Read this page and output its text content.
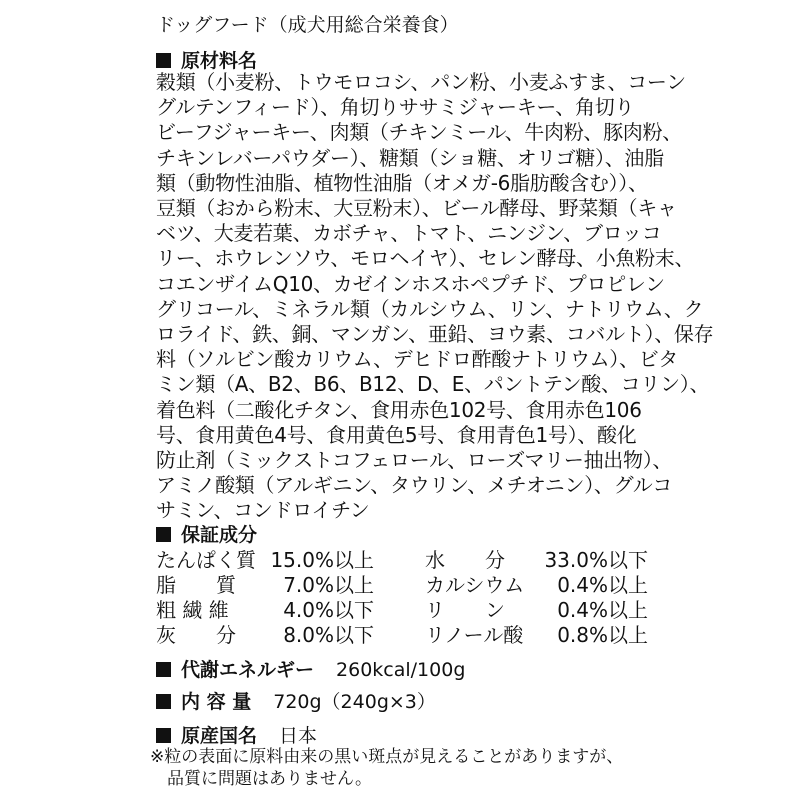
ドッグフード（成犬用総合栄養食）
原材料名
穀類（小麦粉、トウモロコシ、パン粉、小麦ふすま、コーン
グルテンフィード）、角切りササミジャーキー、角切り
ビーフジャーキー、肉類（チキンミール、牛肉粉、豚肉粉、
チキンレバーパウダー）、糖類（ショ糖、オリゴ糖）、油脂
類（動物性油脂、植物性油脂（オメガ-6脂肪酸含む））、
豆類（おから粉末、大豆粉末）、ビール酵母、野菜類（キャ
ベツ、大麦若葉、カボチャ、トマト、ニンジン、ブロッコ
リー、ホウレンソウ、モロヘイヤ）、セレン酵母、小魚粉末、
コエンザイムQ10、カゼインホスホペプチド、プロピレン
グリコール、ミネラル類（カルシウム、リン、ナトリウム、ク
ロライド、鉄、銅、マンガン、亜鉛、ヨウ素、コバルト）、保存
料（ソルビン酸カリウム、デヒドロ酢酸ナトリウム）、ビタ
ミン類（A、B2、B6、B12、D、E、パントテン酸、コリン）、
着色料（二酸化チタン、食用赤色102号、食用赤色106
号、食用黄色4号、食用黄色5号、食用青色1号）、酸化
防止剤（ミックストコフェロール、ローズマリー抽出物）、
アミノ酸類（アルギニン、タウリン、メチオニン）、グルコ
サミン、コンドロイチン
保証成分
たんぱく質 15.0%以上	水　　分	33.0%以下
脂　　質	7.0%以上	カルシウム	0.4%以上
粗 繊 維	4.0%以下	リ　　ン	0.4%以上
灰　　分	8.0%以下	リノール酸	0.8%以上
代謝エネルギー 260kcal/100g
内 容 量 720g（240g×3）
原産国名 日本
※粒の表面に原料由来の黒い斑点が見えることがありますが、
　品質に問題はありません。
